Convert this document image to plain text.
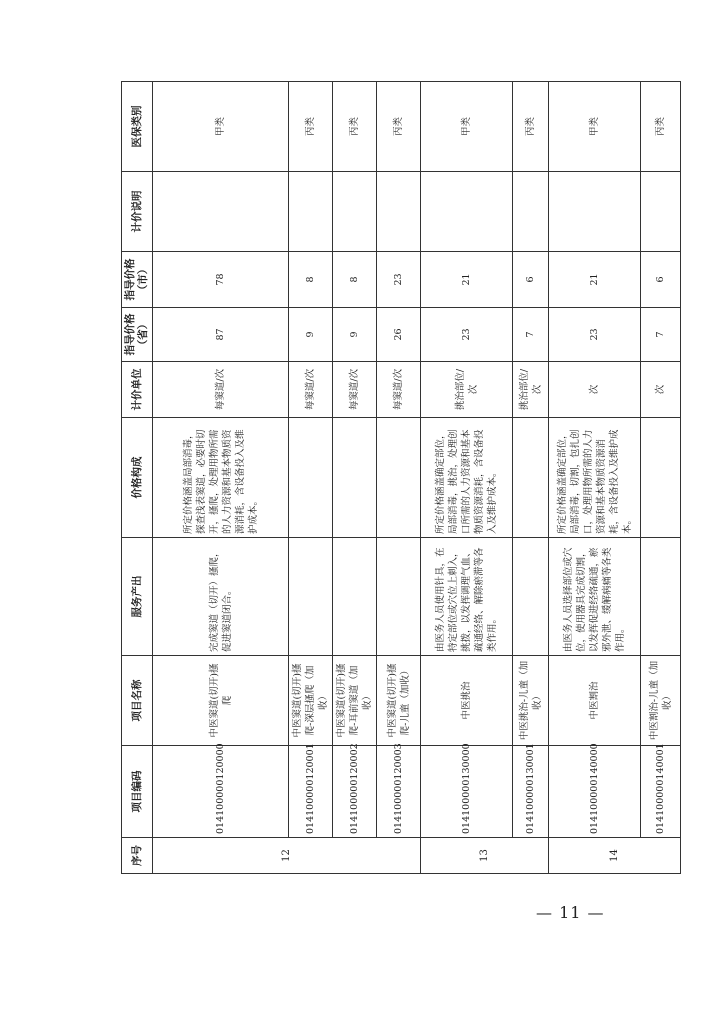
序号	项目编码	项目名称	服务产出	价格构成	计价单位	指导价格（省）	指导价格（市）	计价说明	医保类别
12	014100000120000	中医窦道(切开)搔爬	完成窦道（切开）搔爬，促进窦道闭合。	所定价格涵盖局部消毒，探查浅表窦道，必要时切开，搔爬，处理用物所需的人力资源和基本物质资源消耗，含设备投入及维护成本。	每窦道/次	87	78		甲类
	014100000120001	中医窦道(切开)搔爬-深层搔爬（加收）			每窦道/次	9	8		丙类
	014100000120002	中医窦道(切开)搔爬-耳前窦道（加收）			每窦道/次	9	8		丙类
	014100000120003	中医窦道(切开)搔爬-儿童（加收）			每窦道/次	26	23		丙类
13	014100000130000	中医挑治	由医务人员使用针具，在特定部位或穴位上刺入，挑拨，以发挥调理气血、疏通经络、解除瘀滞等各类作用。	所定价格涵盖确定部位，局部消毒，挑治，处理创口所需的人力资源和基本物质资源消耗，含设备投入及维护成本。	挑治部位/次	23	21		甲类
	014100000130001	中医挑治-儿童（加收）			挑治部位/次	7	6		丙类
14	014100000140000	中医割治	由医务人员选择部位或穴位，使用器具完成切割，以发挥促进经络疏通，瘀邪外泄、缓解病痛等各类作用。	所定价格涵盖确定部位，局部消毒，切割，包扎创口，处理用物所需的人力资源和基本物质资源消耗，含设备投入及维护成本。	次	23	21		甲类
	014100000140001	中医割治-儿童（加收）			次	7	6		丙类
— 11 —
